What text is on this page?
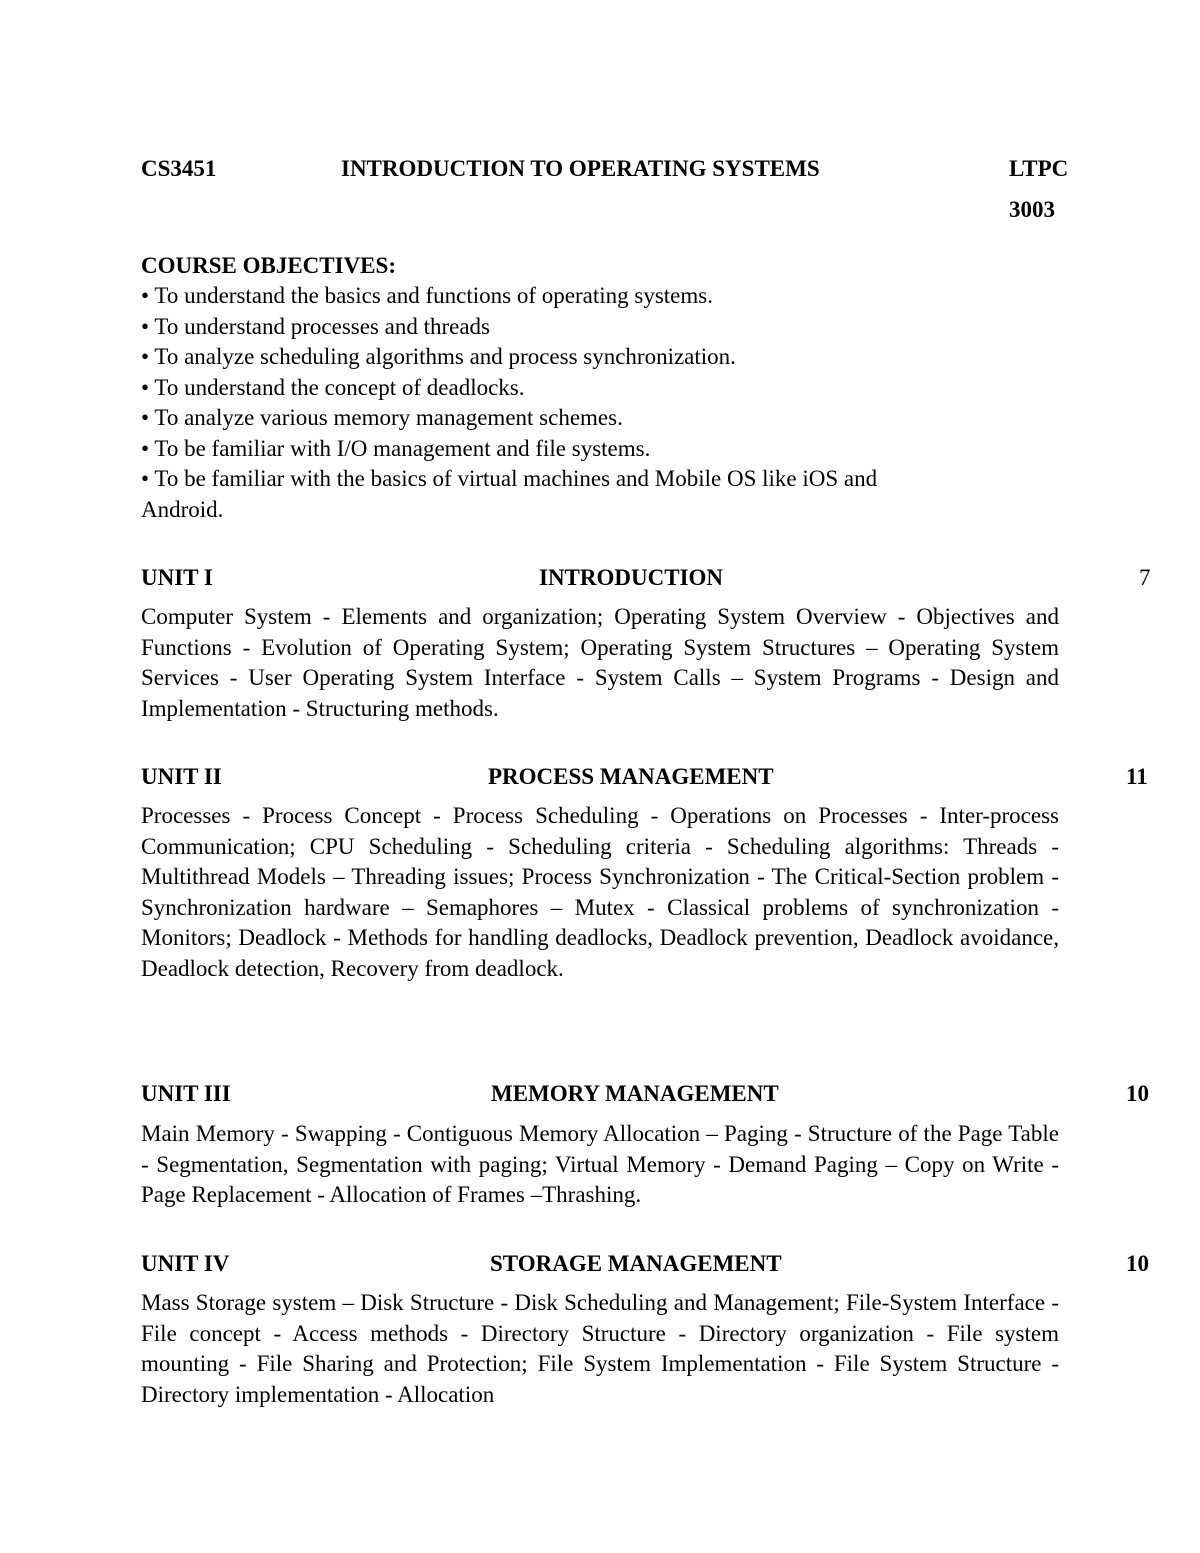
CS3451	INTRODUCTION TO OPERATING SYSTEMS	LTPC
3003
COURSE OBJECTIVES:
• To understand the basics and functions of operating systems.
• To understand processes and threads
• To analyze scheduling algorithms and process synchronization.
• To understand the concept of deadlocks.
• To analyze various memory management schemes.
• To be familiar with I/O management and file systems.
• To be familiar with the basics of virtual machines and Mobile OS like iOS and
Android.
UNIT I	INTRODUCTION	7
Computer System - Elements and organization; Operating System Overview - Objectives and Functions - Evolution of Operating System; Operating System Structures – Operating System Services - User Operating System Interface - System Calls – System Programs - Design and Implementation - Structuring methods.
UNIT II	PROCESS MANAGEMENT	11
Processes - Process Concept - Process Scheduling - Operations on Processes - Inter-process Communication; CPU Scheduling - Scheduling criteria - Scheduling algorithms: Threads - Multithread Models – Threading issues; Process Synchronization - The Critical-Section problem - Synchronization hardware – Semaphores – Mutex - Classical problems of synchronization - Monitors; Deadlock - Methods for handling deadlocks, Deadlock prevention, Deadlock avoidance, Deadlock detection, Recovery from deadlock.
UNIT III	MEMORY MANAGEMENT	10
Main Memory - Swapping - Contiguous Memory Allocation – Paging - Structure of the Page Table - Segmentation, Segmentation with paging; Virtual Memory - Demand Paging – Copy on Write - Page Replacement - Allocation of Frames –Thrashing.
UNIT IV	STORAGE MANAGEMENT	10
Mass Storage system – Disk Structure - Disk Scheduling and Management; File-System Interface - File concept - Access methods - Directory Structure - Directory organization - File system mounting - File Sharing and Protection; File System Implementation - File System Structure - Directory implementation - Allocation
